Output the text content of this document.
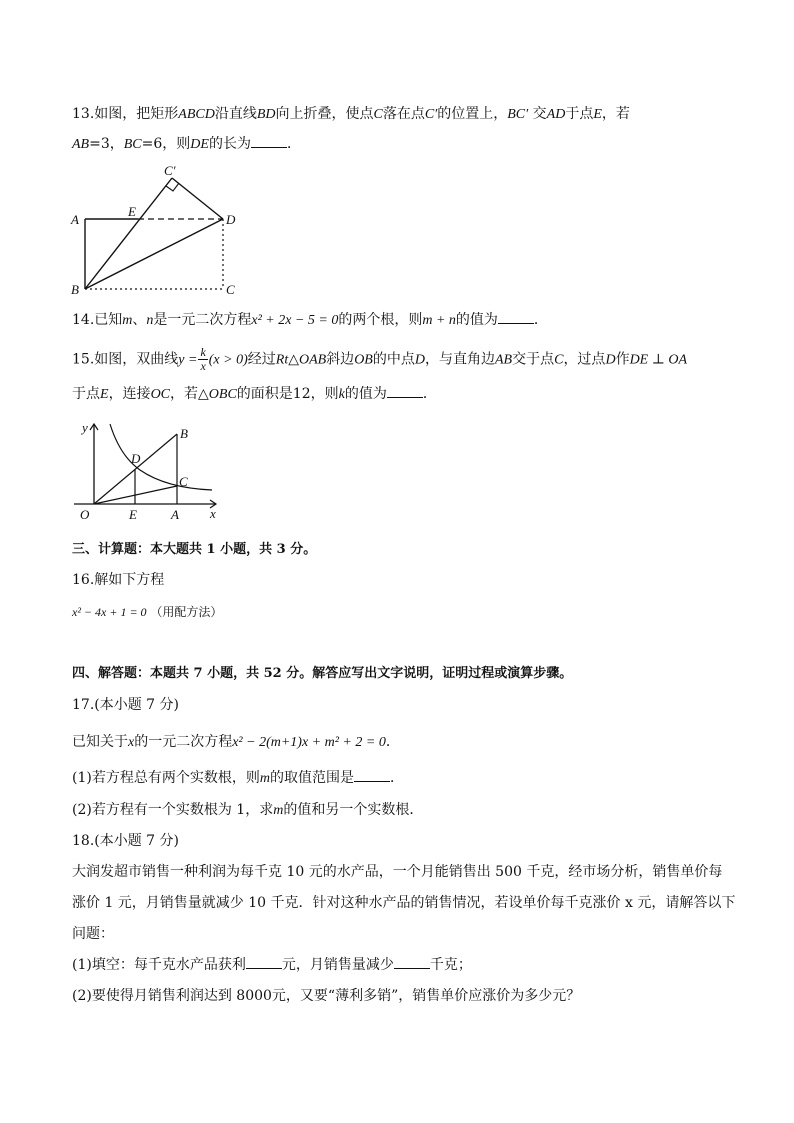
13.如图，把矩形ABCD沿直线BD向上折叠，使点C落在点C′的位置上，BC′ 交AD于点E，若
AB=3，BC=6，则DE的长为	．
C′
A
E
D
B	C
14.已知m、n是一元二次方程x² + 2x − 5 = 0的两个根，则m + n的值为	．
15.如图，双曲线$y = \frac{k}{x} (x > 0)$经过Rt△OAB斜边OB的中点D，与直角边AB交于点C，过点D作DE ⊥ OA
于点E，连接OC，若△OBC的面积是12，则k的值为	．
y
x
O	E	A
B
D
C
三、计算题：本大题共 1 小题，共 3 分。
16.解如下方程
x² − 4x + 1 = 0 （用配方法）
四、解答题：本题共 7 小题，共 52 分。解答应写出文字说明，证明过程或演算步骤。
17.(本小题 7 分)
已知关于x的一元二次方程x² − 2(m+1)x + m² + 2 = 0．
(1)若方程总有两个实数根，则m的取值范围是	．
(2)若方程有一个实数根为 1，求m的值和另一个实数根．
18.(本小题 7 分)
大润发超市销售一种利润为每千克 10 元的水产品，一个月能销售出 500 千克，经市场分析，销售单价每
涨价 1 元，月销售量就减少 10 千克．针对这种水产品的销售情况，若设单价每千克涨价 x 元，请解答以下
问题：
(1)填空：每千克水产品获利	元，月销售量减少	千克；
(2)要使得月销售利润达到 8000元，又要“薄利多销”，销售单价应涨价为多少元？
